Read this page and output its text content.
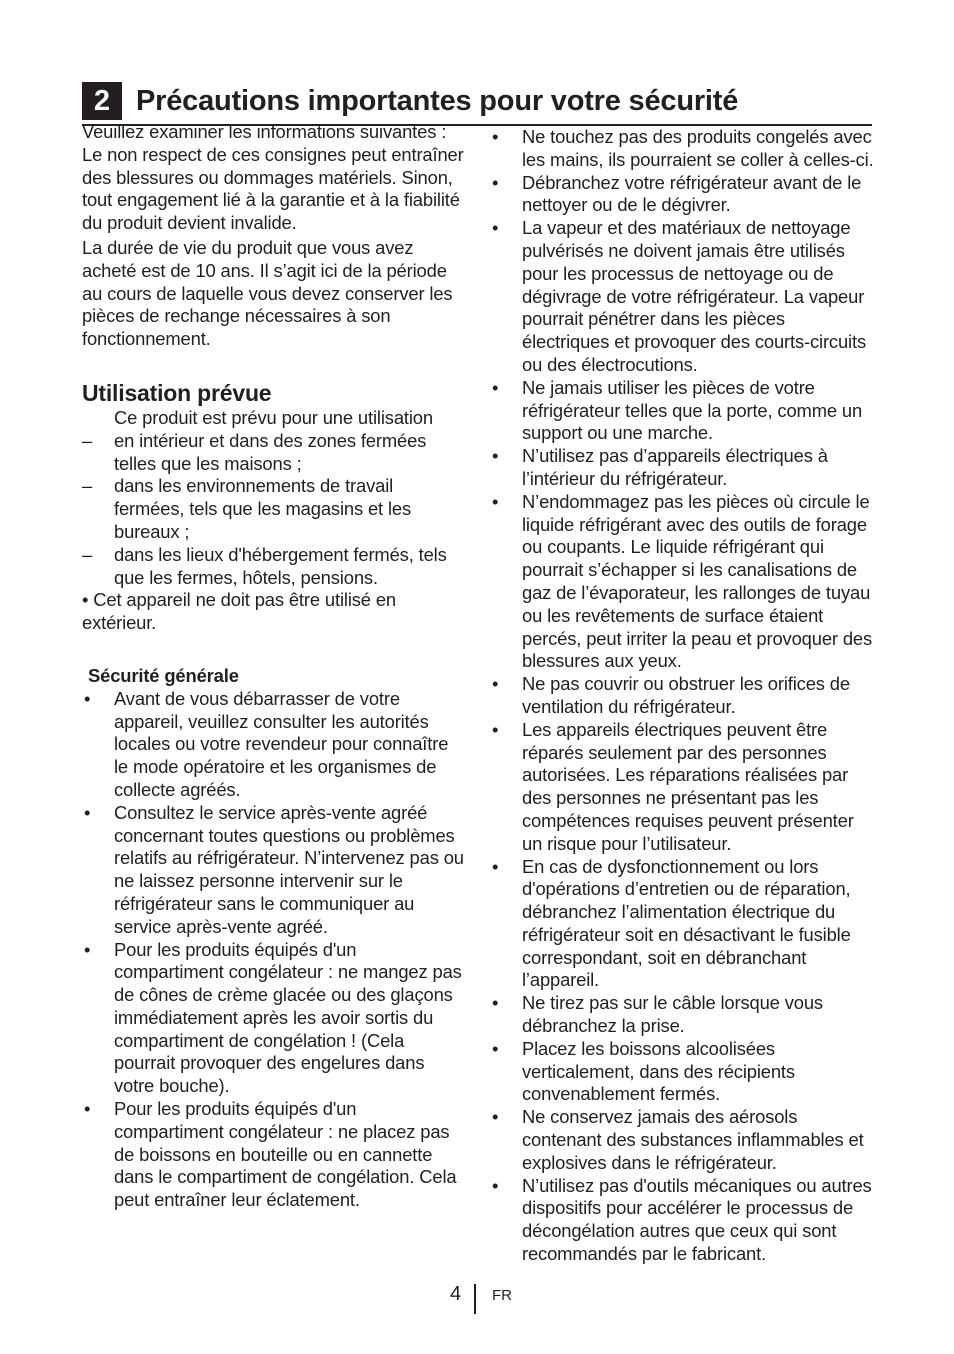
2 Précautions importantes pour votre sécurité

Veuillez examiner les informations suivantes : Le non respect de ces consignes peut entraîner des blessures ou dommages matériels. Sinon, tout engagement lié à la garantie et à la fiabilité du produit devient invalide.

La durée de vie du produit que vous avez acheté est de 10 ans. Il s’agit ici de la période au cours de laquelle vous devez conserver les pièces de rechange nécessaires à son fonctionnement.

Utilisation prévue
Ce produit est prévu pour une utilisation
–	en intérieur et dans des zones fermées telles que les maisons ;
–	dans les environnements de travail fermées, tels que les magasins et les bureaux ;
–	dans les lieux d'hébergement fermés, tels que les fermes, hôtels, pensions.

• Cet appareil ne doit pas être utilisé en extérieur.

Sécurité générale
•	Avant de vous débarrasser de votre appareil, veuillez consulter les autorités locales ou votre revendeur pour connaître le mode opératoire et les organismes de collecte agréés.
•	Consultez le service après-vente agréé concernant toutes questions ou problèmes relatifs au réfrigérateur. N’intervenez pas ou ne laissez personne intervenir sur le réfrigérateur sans le communiquer au service après-vente agréé.
•	Pour les produits équipés d'un compartiment congélateur : ne mangez pas de cônes de crème glacée ou des glaçons immédiatement après les avoir sortis du compartiment de congélation ! (Cela pourrait provoquer des engelures dans votre bouche).
•	Pour les produits équipés d'un compartiment congélateur : ne placez pas de boissons en bouteille ou en cannette dans le compartiment de congélation. Cela peut entraîner leur éclatement.
•	Ne touchez pas des produits congelés avec les mains, ils pourraient se coller à celles-ci.
•	Débranchez votre réfrigérateur avant de le nettoyer ou de le dégivrer.
•	La vapeur et des matériaux de nettoyage pulvérisés ne doivent jamais être utilisés pour les processus de nettoyage ou de dégivrage de votre réfrigérateur. La vapeur pourrait pénétrer dans les pièces électriques et provoquer des courts-circuits ou des électrocutions.
•	Ne jamais utiliser les pièces de votre réfrigérateur telles que la porte, comme un support ou une marche.
•	N’utilisez pas d’appareils électriques à l’intérieur du réfrigérateur.
•	N’endommagez pas les pièces où circule le liquide réfrigérant avec des outils de forage ou coupants. Le liquide réfrigérant qui pourrait s’échapper si les canalisations de gaz de l’évaporateur, les rallonges de tuyau ou les revêtements de surface étaient percés, peut irriter la peau et provoquer des blessures aux yeux.
•	Ne pas couvrir ou obstruer les orifices de ventilation du réfrigérateur.
•	Les appareils électriques peuvent être réparés seulement par des personnes autorisées. Les réparations réalisées par des personnes ne présentant pas les compétences requises peuvent présenter un risque pour l’utilisateur.
•	En cas de dysfonctionnement ou lors d'opérations d’entretien ou de réparation, débranchez l’alimentation électrique du réfrigérateur soit en désactivant le fusible correspondant, soit en débranchant l’appareil.
•	Ne tirez pas sur le câble lorsque vous débranchez la prise.
•	Placez les boissons alcoolisées verticalement, dans des récipients convenablement fermés.
•	Ne conservez jamais des aérosols contenant des substances inflammables et explosives dans le réfrigérateur.
•	N’utilisez pas d'outils mécaniques ou autres dispositifs pour accélérer le processus de décongélation autres que ceux qui sont recommandés par le fabricant.
4 FR
